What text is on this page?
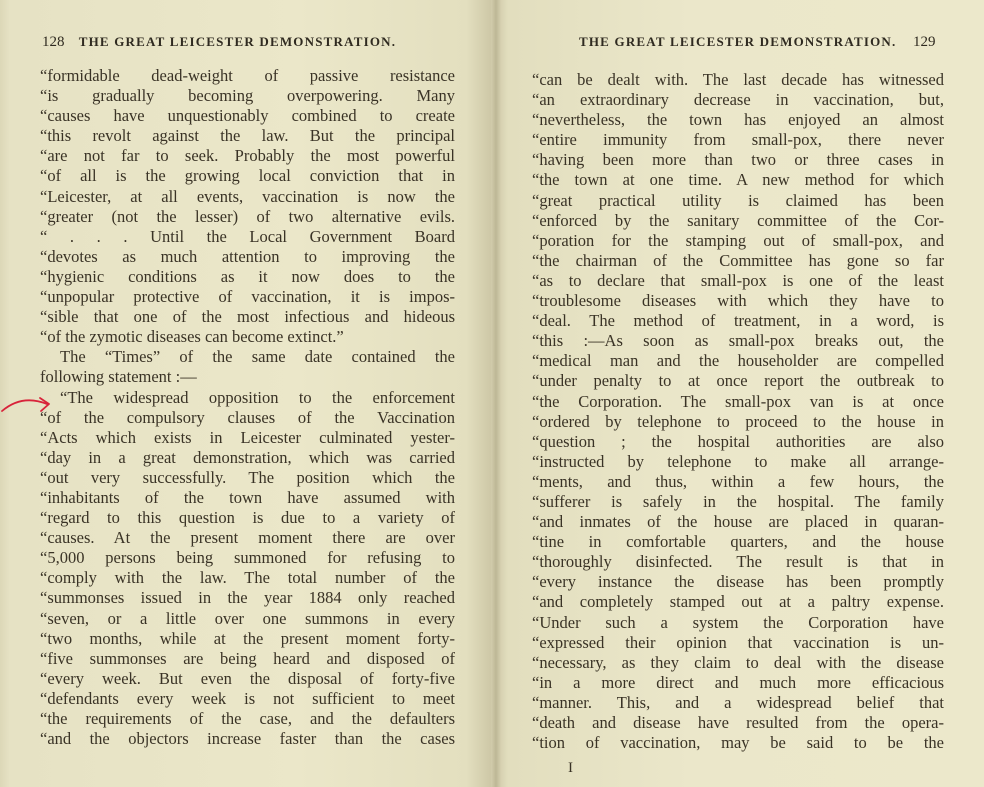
128 THE GREAT LEICESTER DEMONSTRATION.
“formidable dead-weight of passive resistance
“is gradually becoming overpowering. Many
“causes have unquestionably combined to create
“this revolt against the law. But the principal
“are not far to seek. Probably the most powerful
“of all is the growing local conviction that in
“Leicester, at all events, vaccination is now the
“greater (not the lesser) of two alternative evils.
“ . . . Until the Local Government Board
“devotes as much attention to improving the
“hygienic conditions as it now does to the
“unpopular protective of vaccination, it is impos-
“sible that one of the most infectious and hideous
“of the zymotic diseases can become extinct.”
The “Times” of the same date contained the
following statement :—
“The widespread opposition to the enforcement
“of the compulsory clauses of the Vaccination
“Acts which exists in Leicester culminated yester-
“day in a great demonstration, which was carried
“out very successfully. The position which the
“inhabitants of the town have assumed with
“regard to this question is due to a variety of
“causes. At the present moment there are over
“5,000 persons being summoned for refusing to
“comply with the law. The total number of the
“summonses issued in the year 1884 only reached
“seven, or a little over one summons in every
“two months, while at the present moment forty-
“five summonses are being heard and disposed of
“every week. But even the disposal of forty-five
“defendants every week is not sufficient to meet
“the requirements of the case, and the defaulters
“and the objectors increase faster than the cases
THE GREAT LEICESTER DEMONSTRATION. 129
“can be dealt with. The last decade has witnessed
“an extraordinary decrease in vaccination, but,
“nevertheless, the town has enjoyed an almost
“entire immunity from small-pox, there never
“having been more than two or three cases in
“the town at one time. A new method for which
“great practical utility is claimed has been
“enforced by the sanitary committee of the Cor-
“poration for the stamping out of small-pox, and
“the chairman of the Committee has gone so far
“as to declare that small-pox is one of the least
“troublesome diseases with which they have to
“deal. The method of treatment, in a word, is
“this :—As soon as small-pox breaks out, the
“medical man and the householder are compelled
“under penalty to at once report the outbreak to
“the Corporation. The small-pox van is at once
“ordered by telephone to proceed to the house in
“question ; the hospital authorities are also
“instructed by telephone to make all arrange-
“ments, and thus, within a few hours, the
“sufferer is safely in the hospital. The family
“and inmates of the house are placed in quaran-
“tine in comfortable quarters, and the house
“thoroughly disinfected. The result is that in
“every instance the disease has been promptly
“and completely stamped out at a paltry expense.
“Under such a system the Corporation have
“expressed their opinion that vaccination is un-
“necessary, as they claim to deal with the disease
“in a more direct and much more efficacious
“manner. This, and a widespread belief that
“death and disease have resulted from the opera-
“tion of vaccination, may be said to be the
I
